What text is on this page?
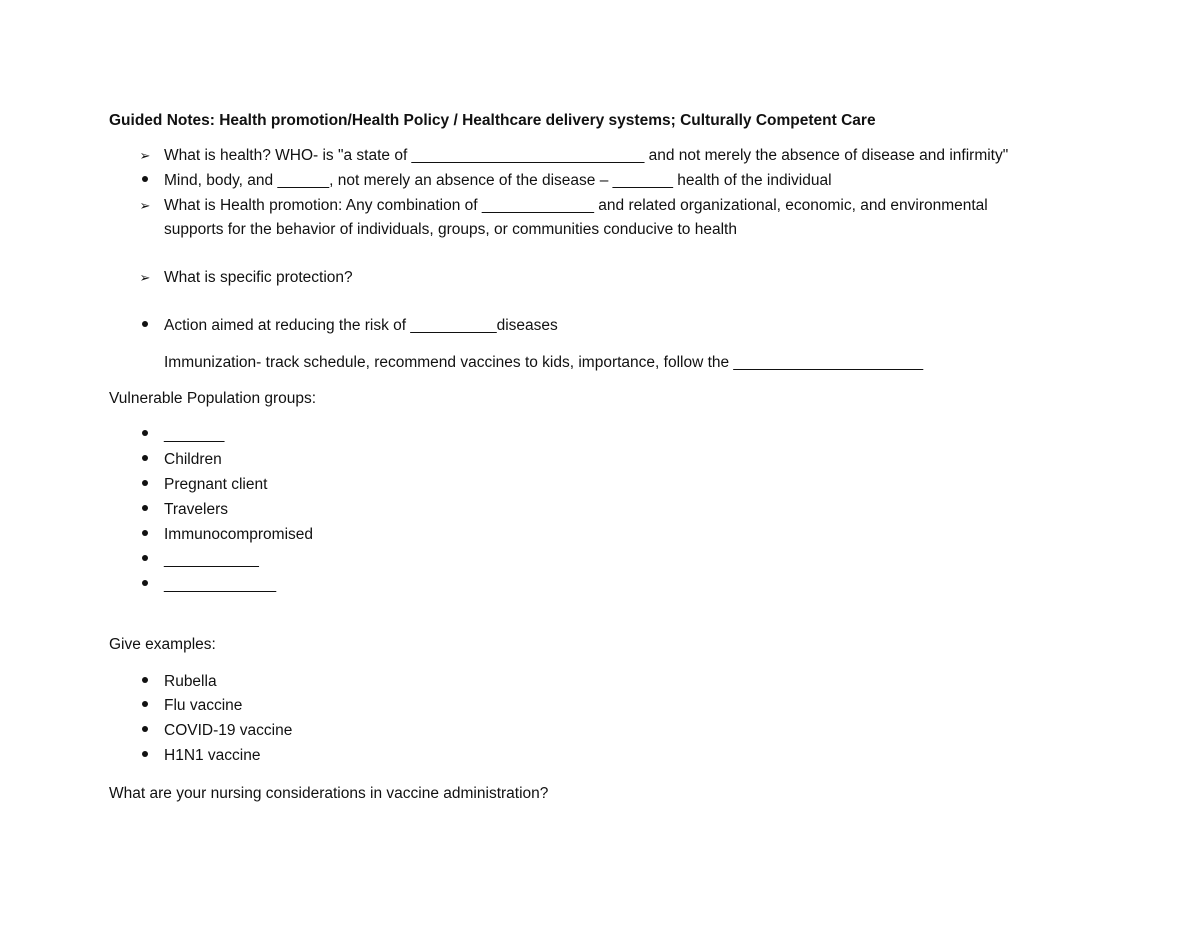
Guided Notes: Health promotion/Health Policy / Healthcare delivery systems; Culturally Competent Care
➢ What is health? WHO- is "a state of ___________________________ and not merely the absence of disease and infirmity"
Mind, body, and ______, not merely an absence of the disease – _______ health of the individual
➢ What is Health promotion: Any combination of _____________ and related organizational, economic, and environmental
supports for the behavior of individuals, groups, or communities conducive to health
➢ What is specific protection?
Action aimed at reducing the risk of __________diseases
Immunization- track schedule, recommend vaccines to kids, importance, follow the ______________________
Vulnerable Population groups:
_______
Children
Pregnant client
Travelers
Immunocompromised
___________
_____________
Give examples:
Rubella
Flu vaccine
COVID-19 vaccine
H1N1 vaccine
What are your nursing considerations in vaccine administration?
